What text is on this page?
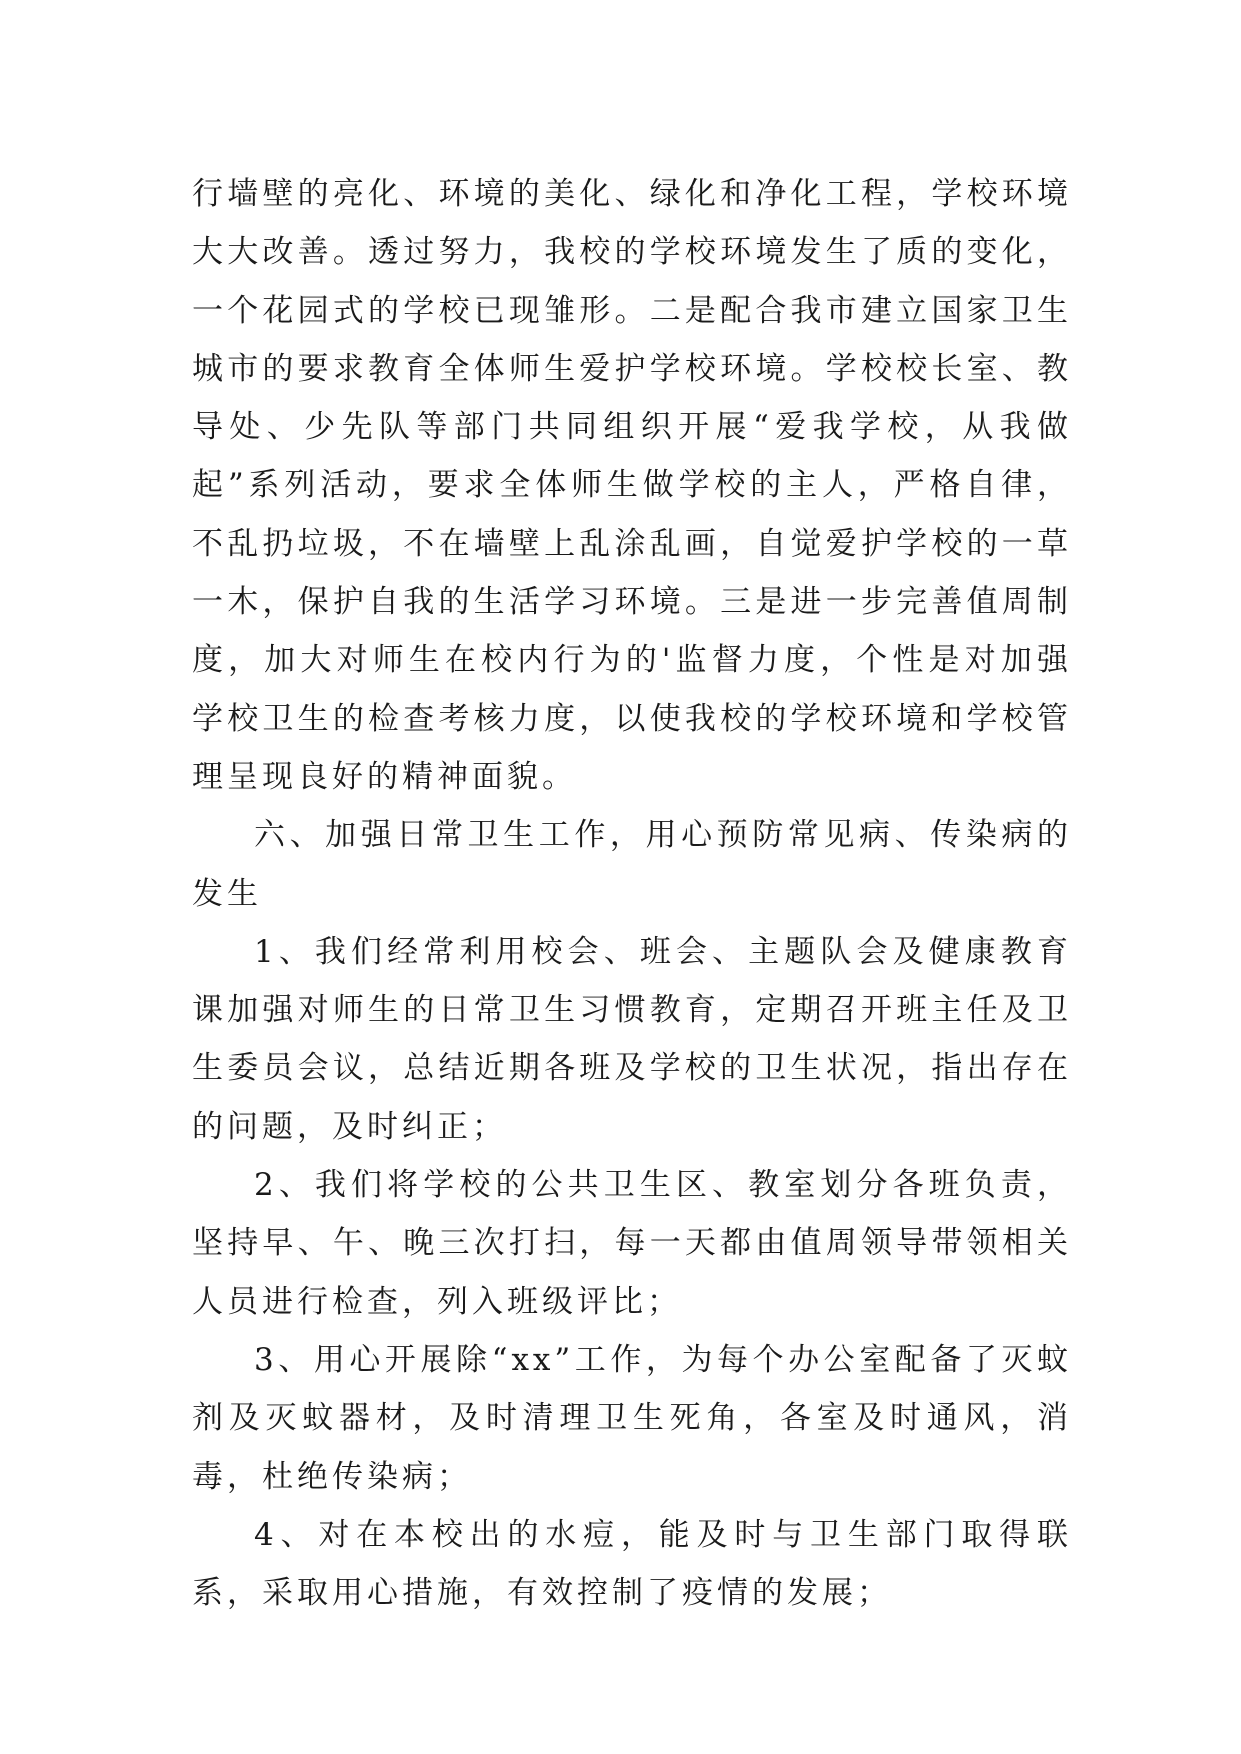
行墙壁的亮化、环境的美化、绿化和净化工程，学校环境大大改善。透过努力，我校的学校环境发生了质的变化，一个花园式的学校已现雏形。二是配合我市建立国家卫生城市的要求教育全体师生爱护学校环境。学校校长室、教导处、少先队等部门共同组织开展“爱我学校，从我做起”系列活动，要求全体师生做学校的主人，严格自律，不乱扔垃圾，不在墙壁上乱涂乱画，自觉爱护学校的一草一木，保护自我的生活学习环境。三是进一步完善值周制度，加大对师生在校内行为的'监督力度，个性是对加强学校卫生的检查考核力度，以使我校的学校环境和学校管理呈现良好的精神面貌。

六、加强日常卫生工作，用心预防常见病、传染病的发生

1、我们经常利用校会、班会、主题队会及健康教育课加强对师生的日常卫生习惯教育，定期召开班主任及卫生委员会议，总结近期各班及学校的卫生状况，指出存在的问题，及时纠正；

2、我们将学校的公共卫生区、教室划分各班负责，坚持早、午、晚三次打扫，每一天都由值周领导带领相关人员进行检查，列入班级评比；

3、用心开展除“xx”工作，为每个办公室配备了灭蚊剂及灭蚊器材，及时清理卫生死角，各室及时通风，消毒，杜绝传染病；

4、对在本校出的水痘，能及时与卫生部门取得联系，采取用心措施，有效控制了疫情的发展；
